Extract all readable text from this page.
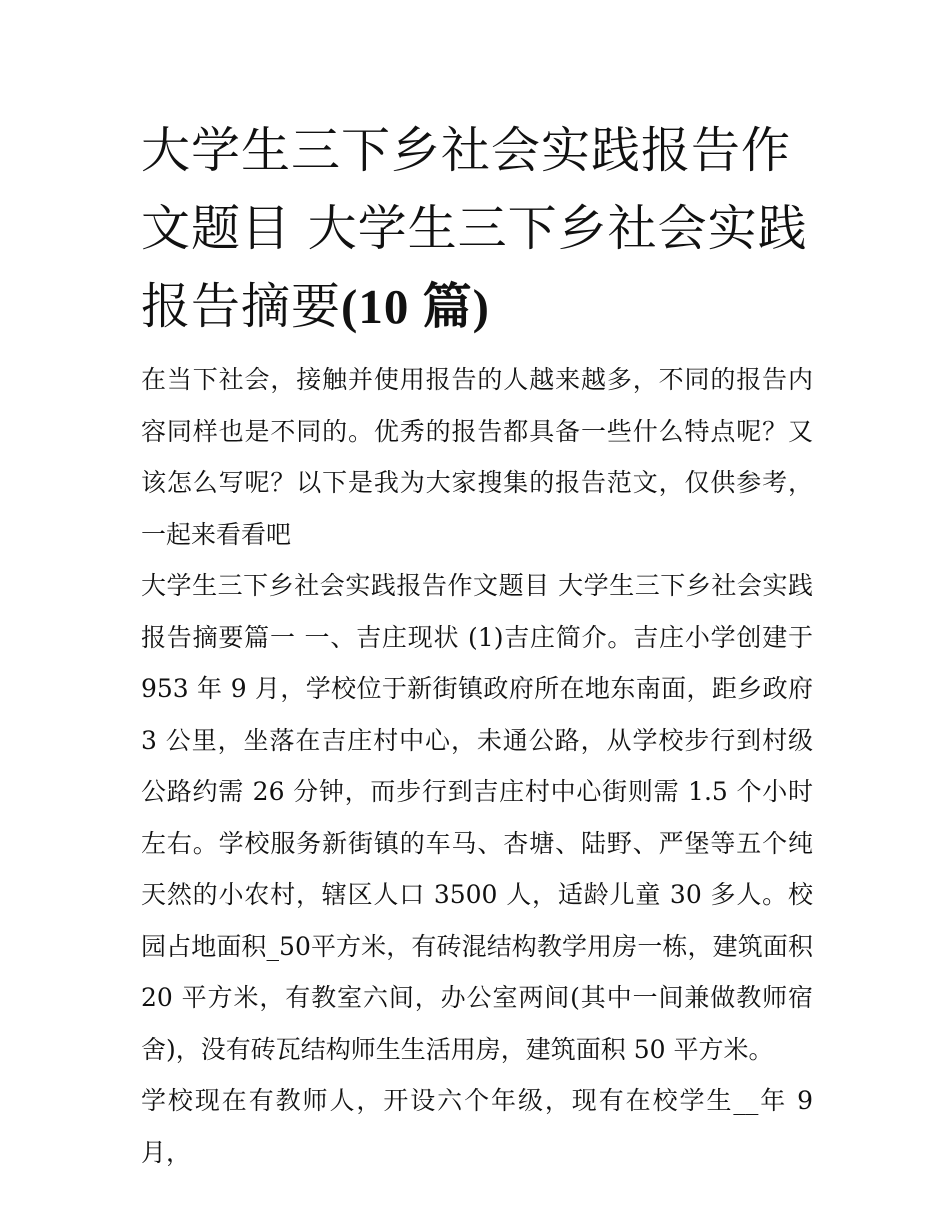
大学生三下乡社会实践报告作文题目 大学生三下乡社会实践报告摘要(10 篇)

在当下社会，接触并使用报告的人越来越多，不同的报告内容同样也是不同的。优秀的报告都具备一些什么特点呢？又该怎么写呢？以下是我为大家搜集的报告范文，仅供参考，一起来看看吧

大学生三下乡社会实践报告作文题目 大学生三下乡社会实践报告摘要篇一 一、吉庄现状 (1)吉庄简介。吉庄小学创建于953 年 9 月，学校位于新街镇政府所在地东南面，距乡政府 3 公里，坐落在吉庄村中心，未通公路，从学校步行到村级公路约需 26 分钟，而步行到吉庄村中心街则需 1.5 个小时左右。学校服务新街镇的车马、杏塘、陆野、严堡等五个纯天然的小农村，辖区人口 3500 人，适龄儿童 30 多人。校园占地面积_50平方米，有砖混结构教学用房一栋，建筑面积 20 平方米，有教室六间，办公室两间(其中一间兼做教师宿舍)，没有砖瓦结构师生生活用房，建筑面积 50 平方米。

学校现在有教师人，开设六个年级，现有在校学生__年 9 月，
